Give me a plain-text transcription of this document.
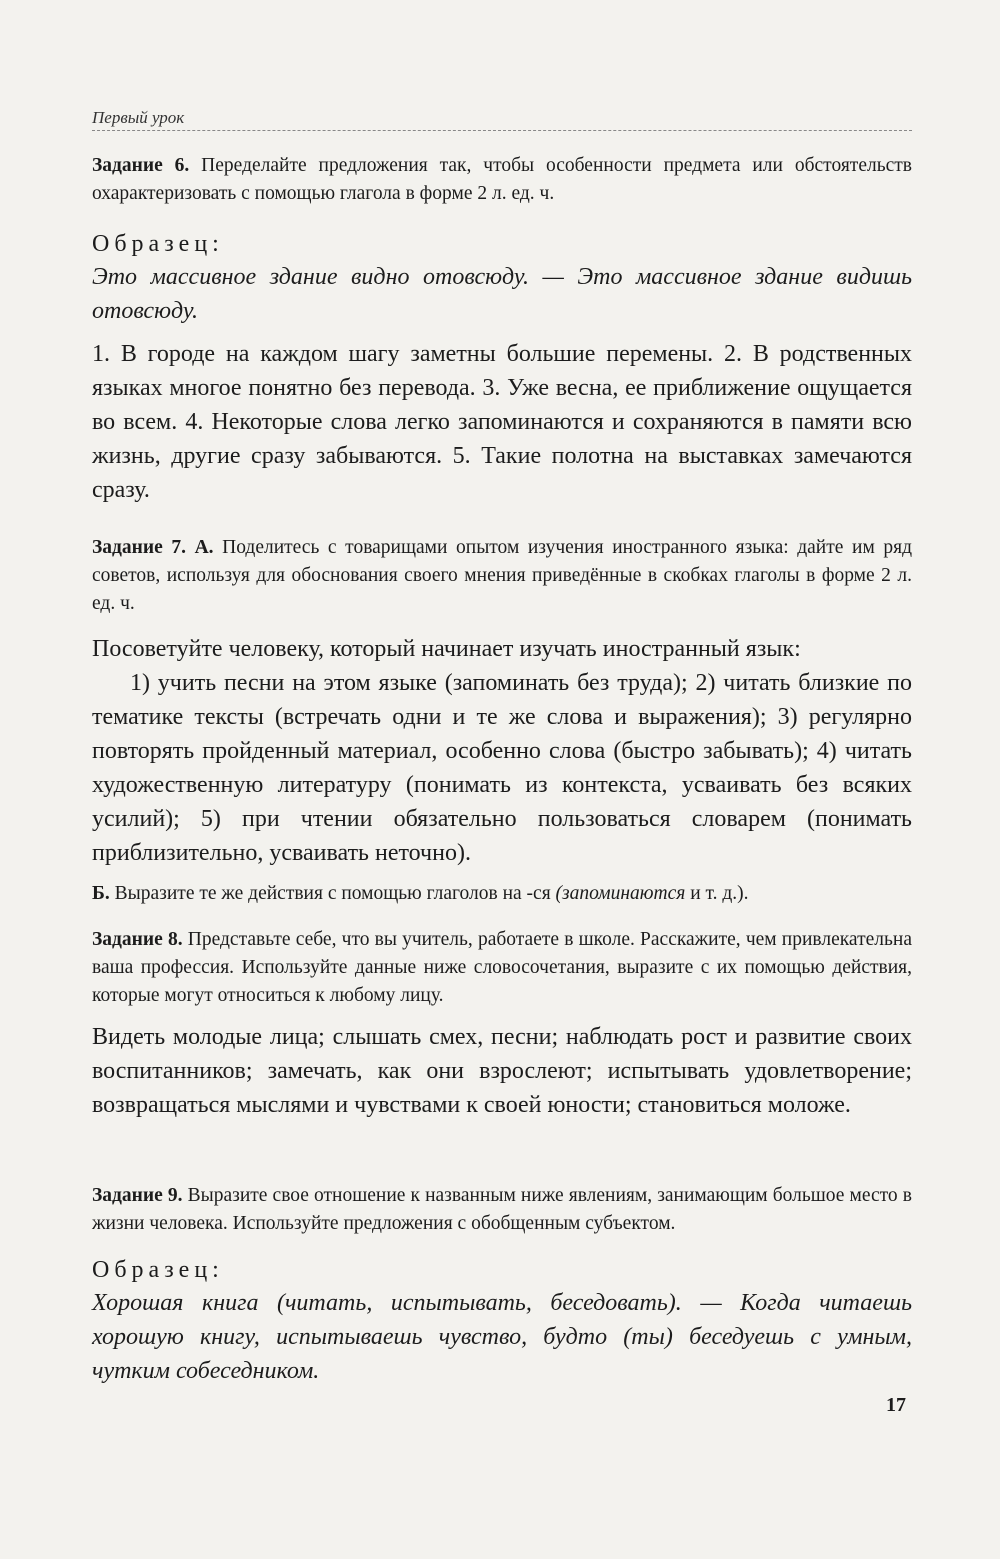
Первый урок

Задание 6. Переделайте предложения так, чтобы особенности предмета или обстоятельств охарактеризовать с помощью глагола в форме 2 л. ед. ч.

Образец:

Это массивное здание видно отовсюду. — Это массивное здание видишь отовсюду.

1. В городе на каждом шагу заметны большие перемены. 2. В родственных языках многое понятно без перевода. 3. Уже весна, ее приближение ощущается во всем. 4. Некоторые слова легко запоминаются и сохраняются в памяти всю жизнь, другие сразу забываются. 5. Такие полотна на выставках замечаются сразу.

Задание 7. А. Поделитесь с товарищами опытом изучения иностранного языка: дайте им ряд советов, используя для обоснования своего мнения приведённые в скобках глаголы в форме 2 л. ед. ч.

Посоветуйте человеку, который начинает изучать иностранный язык:

1) учить песни на этом языке (запоминать без труда); 2) читать близкие по тематике тексты (встречать одни и те же слова и выражения); 3) регулярно повторять пройденный материал, особенно слова (быстро забывать); 4) читать художественную литературу (понимать из контекста, усваивать без всяких усилий); 5) при чтении обязательно пользоваться словарем (понимать приблизительно, усваивать неточно).

Б. Выразите те же действия с помощью глаголов на -ся (запоминаются и т. д.).

Задание 8. Представьте себе, что вы учитель, работаете в школе. Расскажите, чем привлекательна ваша профессия. Используйте данные ниже словосочетания, выразите с их помощью действия, которые могут относиться к любому лицу.

Видеть молодые лица; слышать смех, песни; наблюдать рост и развитие своих воспитанников; замечать, как они взрослеют; испытывать удовлетворение; возвращаться мыслями и чувствами к своей юности; становиться моложе.

Задание 9. Выразите свое отношение к названным ниже явлениям, занимающим большое место в жизни человека. Используйте предложения с обобщенным субъектом.

Образец:

Хорошая книга (читать, испытывать, беседовать). — Когда читаешь хорошую книгу, испытываешь чувство, будто (ты) беседуешь с умным, чутким собеседником.

17
